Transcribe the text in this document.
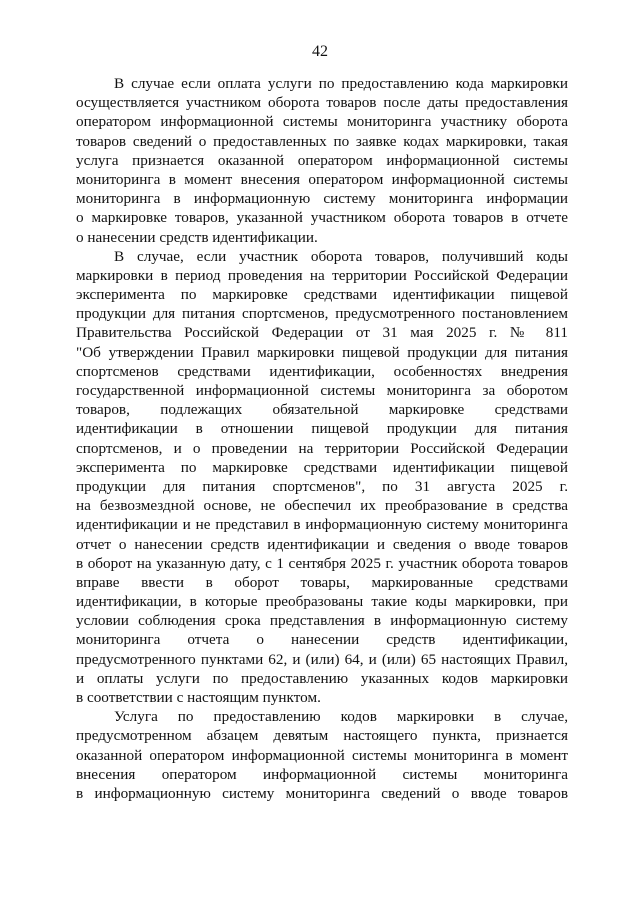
42
В случае если оплата услуги по предоставлению кода маркировки
осуществляется участником оборота товаров после даты предоставления
оператором информационной системы мониторинга участнику оборота
товаров сведений о предоставленных по заявке кодах маркировки, такая
услуга признается оказанной оператором информационной системы
мониторинга в момент внесения оператором информационной системы
мониторинга в информационную систему мониторинга информации
о маркировке товаров, указанной участником оборота товаров в отчете
о нанесении средств идентификации.
В случае, если участник оборота товаров, получивший коды
маркировки в период проведения на территории Российской Федерации
эксперимента по маркировке средствами идентификации пищевой
продукции для питания спортсменов, предусмотренного постановлением
Правительства Российской Федерации от 31 мая 2025 г. № 811
"Об утверждении Правил маркировки пищевой продукции для питания
спортсменов средствами идентификации, особенностях внедрения
государственной информационной системы мониторинга за оборотом
товаров, подлежащих обязательной маркировке средствами
идентификации в отношении пищевой продукции для питания
спортсменов, и о проведении на территории Российской Федерации
эксперимента по маркировке средствами идентификации пищевой
продукции для питания спортсменов", по 31 августа 2025 г.
на безвозмездной основе, не обеспечил их преобразование в средства
идентификации и не представил в информационную систему мониторинга
отчет о нанесении средств идентификации и сведения о вводе товаров
в оборот на указанную дату, с 1 сентября 2025 г. участник оборота товаров
вправе ввести в оборот товары, маркированные средствами
идентификации, в которые преобразованы такие коды маркировки, при
условии соблюдения срока представления в информационную систему
мониторинга отчета о нанесении средств идентификации,
предусмотренного пунктами 62, и (или) 64, и (или) 65 настоящих Правил,
и оплаты услуги по предоставлению указанных кодов маркировки
в соответствии с настоящим пунктом.
Услуга по предоставлению кодов маркировки в случае,
предусмотренном абзацем девятым настоящего пункта, признается
оказанной оператором информационной системы мониторинга в момент
внесения оператором информационной системы мониторинга
в информационную систему мониторинга сведений о вводе товаров
